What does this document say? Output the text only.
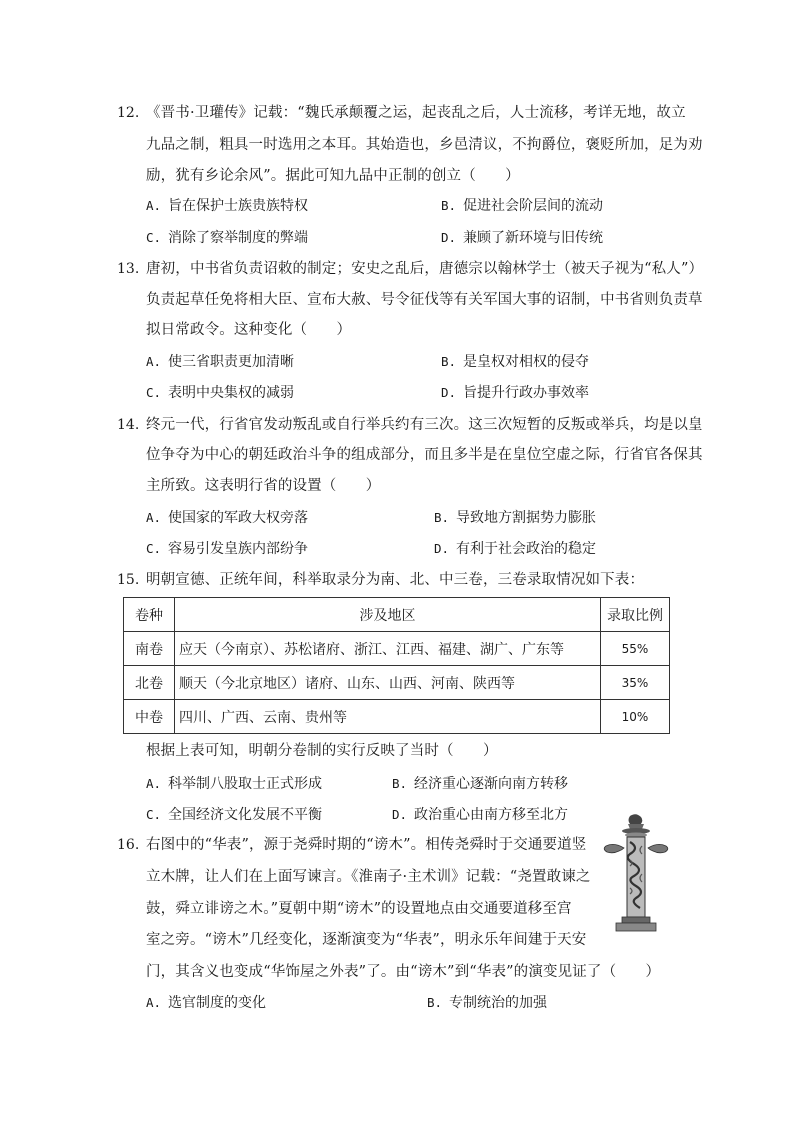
12. 《晋书·卫瓘传》记载：“魏氏承颠覆之运，起丧乱之后，人士流移，考详无地，故立
九品之制，粗具一时选用之本耳。其始造也，乡邑清议，不拘爵位，褒贬所加，足为劝
励，犹有乡论余风”。据此可知九品中正制的创立（　　）
A. 旨在保护士族贵族特权	B. 促进社会阶层间的流动
C. 消除了察举制度的弊端	D. 兼顾了新环境与旧传统
13. 唐初，中书省负责诏敕的制定；安史之乱后，唐德宗以翰林学士（被天子视为“私人”）
负责起草任免将相大臣、宣布大赦、号令征伐等有关军国大事的诏制，中书省则负责草
拟日常政令。这种变化（　　）
A. 使三省职责更加清晰	B. 是皇权对相权的侵夺
C. 表明中央集权的减弱	D. 旨提升行政办事效率
14. 终元一代，行省官发动叛乱或自行举兵约有三次。这三次短暂的反叛或举兵，均是以皇
位争夺为中心的朝廷政治斗争的组成部分，而且多半是在皇位空虚之际，行省官各保其
主所致。这表明行省的设置（　　）
A. 使国家的军政大权旁落	B. 导致地方割据势力膨胀
C. 容易引发皇族内部纷争	D. 有利于社会政治的稳定
15. 明朝宣德、正统年间，科举取录分为南、北、中三卷，三卷录取情况如下表：
卷种	涉及地区	录取比例
南卷	应天（今南京）、苏松诸府、浙江、江西、福建、湖广、广东等	55%
北卷	顺天（今北京地区）诸府、山东、山西、河南、陕西等	35%
中卷	四川、广西、云南、贵州等	10%
根据上表可知，明朝分卷制的实行反映了当时（　　）
A. 科举制八股取士正式形成	B. 经济重心逐渐向南方转移
C. 全国经济文化发展不平衡	D. 政治重心由南方移至北方
16. 右图中的“华表”，源于尧舜时期的“谤木”。相传尧舜时于交通要道竖
立木牌，让人们在上面写谏言。《淮南子·主术训》记载：“尧置敢谏之
鼓，舜立诽谤之木。”夏朝中期“谤木”的设置地点由交通要道移至宫
室之旁。“谤木”几经变化，逐渐演变为“华表”，明永乐年间建于天安
门，其含义也变成“华饰屋之外表”了。由“谤木”到“华表”的演变见证了（　　）
A. 选官制度的变化	B. 专制统治的加强
